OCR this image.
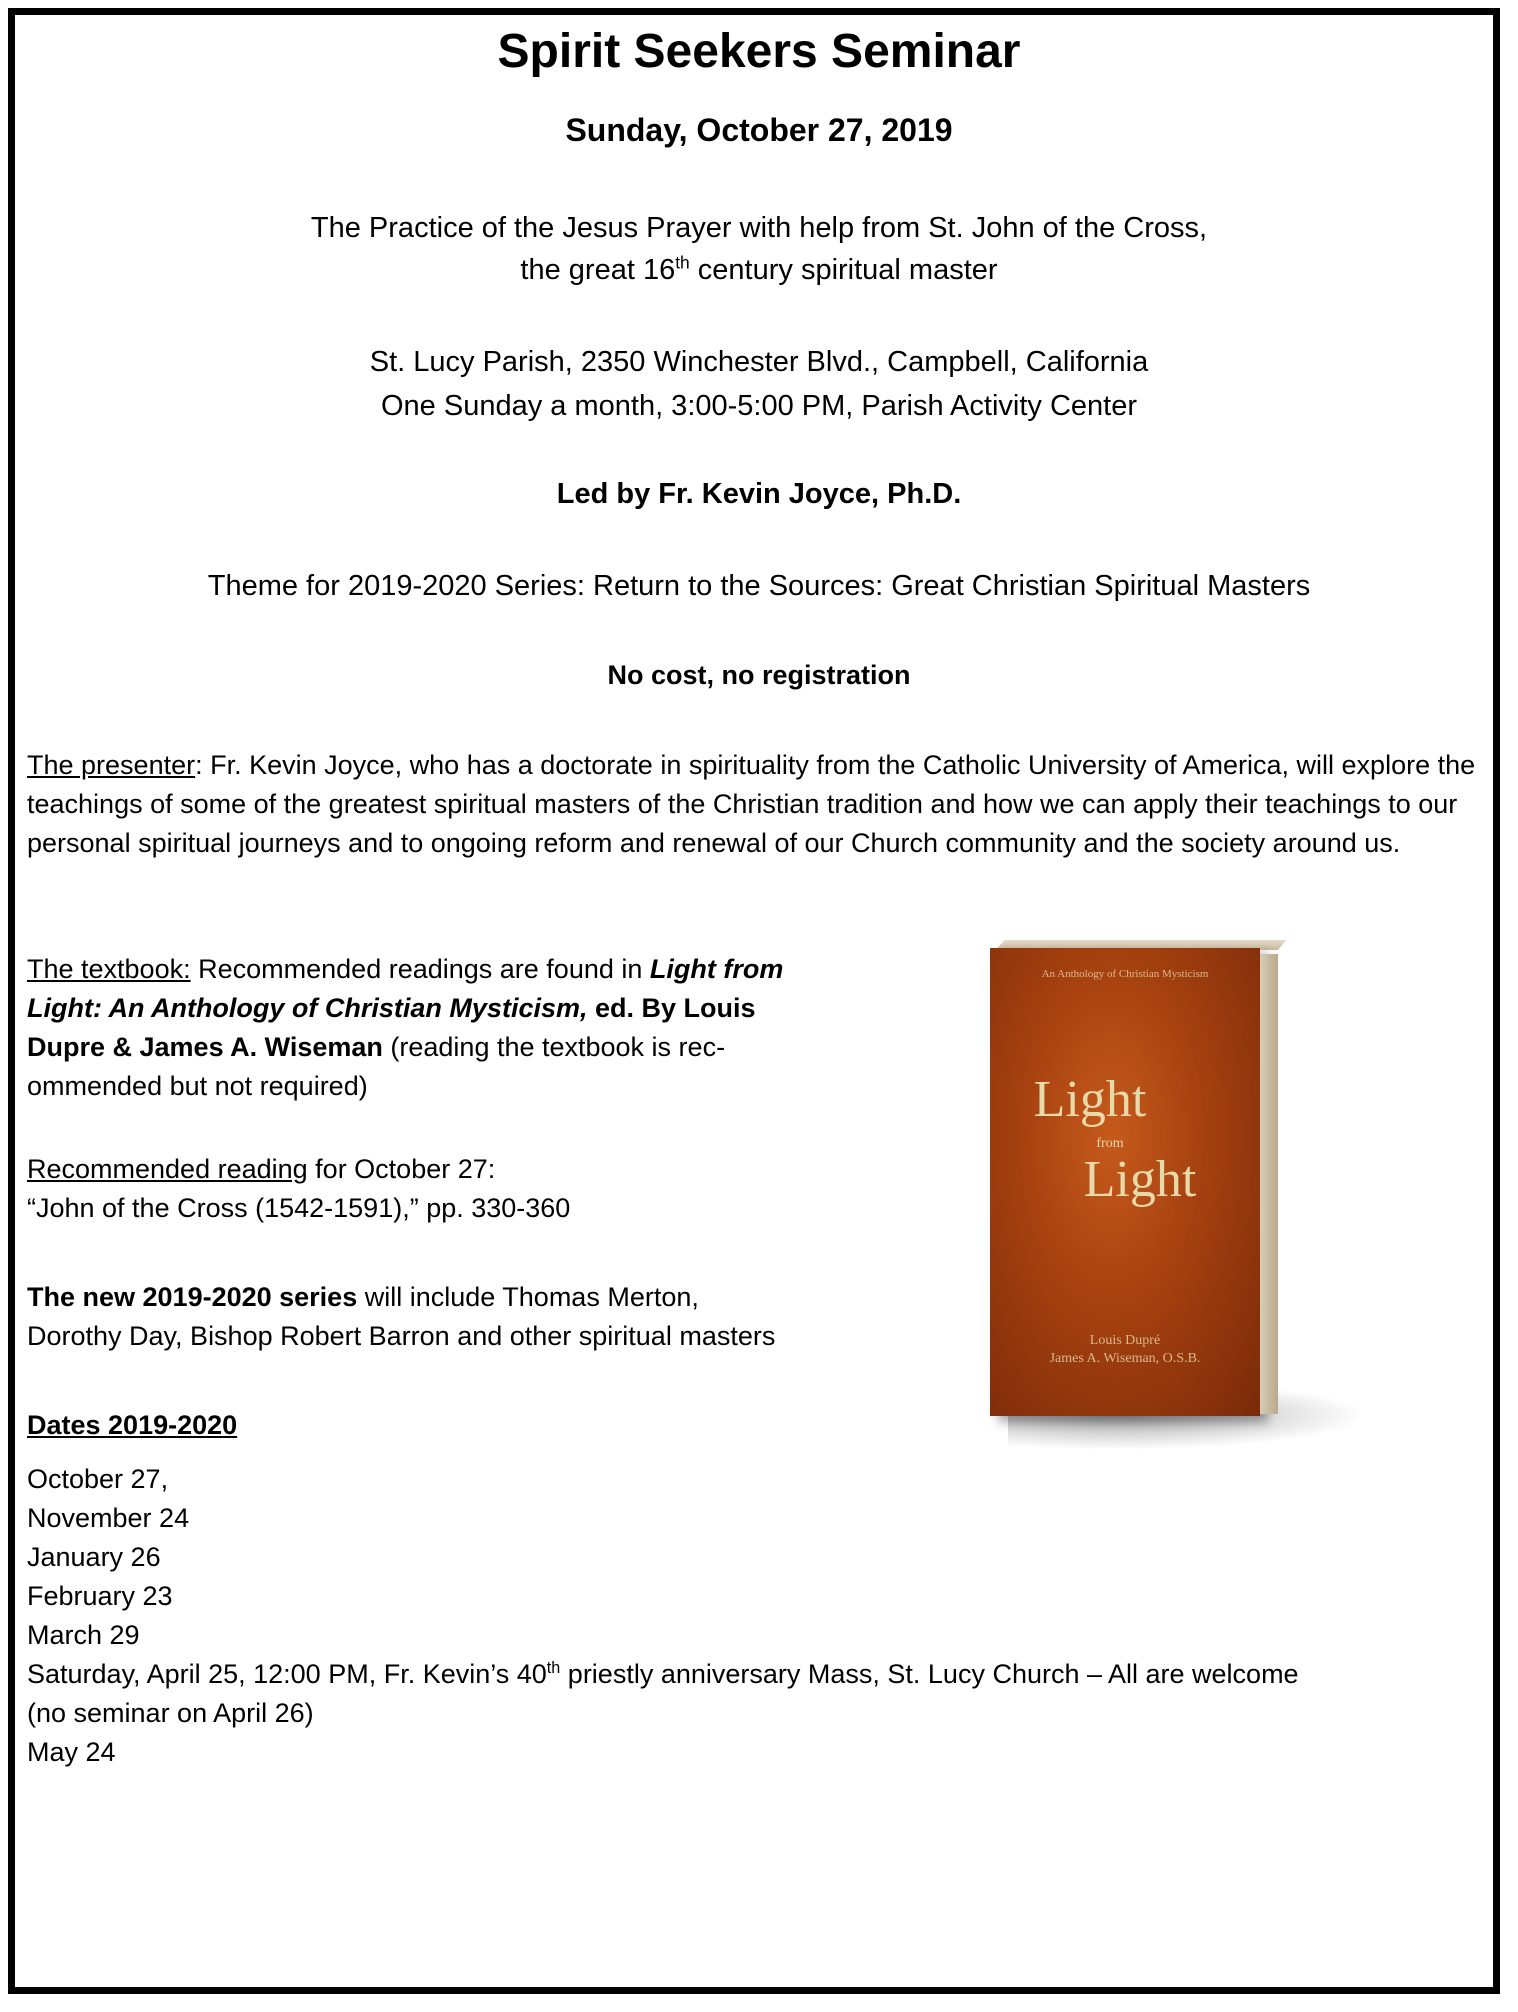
Spirit Seekers Seminar
Sunday, October 27, 2019
The Practice of the Jesus Prayer with help from St. John of the Cross,
the great 16th century spiritual master
St. Lucy Parish, 2350 Winchester Blvd., Campbell, California
One Sunday a month, 3:00-5:00 PM, Parish Activity Center
Led by Fr. Kevin Joyce, Ph.D.
Theme for 2019-2020 Series: Return to the Sources: Great Christian Spiritual Masters
No cost, no registration
The presenter: Fr. Kevin Joyce, who has a doctorate in spirituality from the Catholic University of America, will explore the teachings of some of the greatest spiritual masters of the Christian tradition and how we can apply their teachings to our personal spiritual journeys and to ongoing reform and renewal of our Church community and the society around us.
The textbook: Recommended readings are found in Light from
Light: An Anthology of Christian Mysticism, ed. By Louis
Dupre & James A. Wiseman (reading the textbook is rec-
ommended but not required)
Recommended reading for October 27:
“John of the Cross (1542-1591),” pp. 330-360
The new 2019-2020 series will include Thomas Merton,
Dorothy Day, Bishop Robert Barron and other spiritual masters
Dates 2019-2020
October 27,
November 24
January 26
February 23
March 29
Saturday, April 25, 12:00 PM, Fr. Kevin’s 40th priestly anniversary Mass, St. Lucy Church – All are welcome
(no seminar on April 26)
May 24
An Anthology of Christian Mysticism
Light
from
Light
Louis Dupré
James A. Wiseman, O.S.B.
